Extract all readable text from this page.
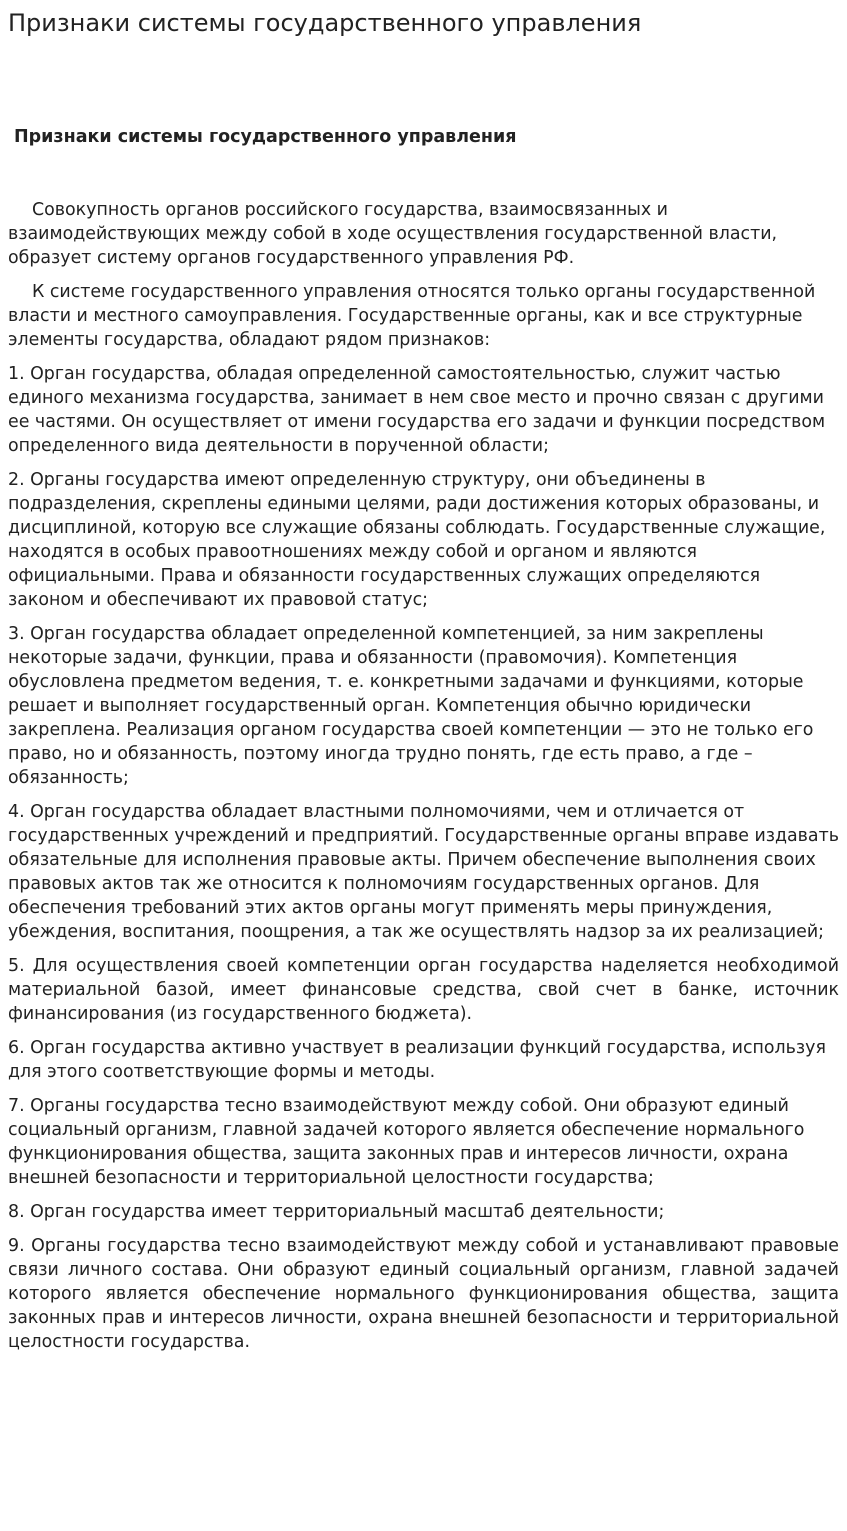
Признаки системы государственного управления
Признаки системы государственного управления

Совокупность органов российского государства, взаимосвязанных и взаимодействующих между собой в ходе осуществления государственной власти, образует систему органов государственного управления РФ.

К системе государственного управления относятся только органы государственной власти и местного самоуправления. Государственные органы, как и все структурные элементы государства, обладают рядом признаков:

1. Орган государства, обладая определенной самостоятельностью, служит частью единого механизма государства, занимает в нем свое место и прочно связан с другими ее частями. Он осуществляет от имени государства его задачи и функции посредством определенного вида деятельности в порученной области;

2. Органы государства имеют определенную структуру, они объединены в подразделения, скреплены едиными целями, ради достижения которых образованы, и дисциплиной, которую все служащие обязаны соблюдать. Государственные служащие, находятся в особых правоотношениях между собой и органом и являются официальными. Права и обязанности государственных служащих определяются законом и обеспечивают их правовой статус;

3. Орган государства обладает определенной компетенцией, за ним закреплены некоторые задачи, функции, права и обязанности (правомочия). Компетенция обусловлена предметом ведения, т. е. конкретными задачами и функциями, которые решает и выполняет государственный орган. Компетенция обычно юридически закреплена. Реализация органом государства своей компетенции — это не только его право, но и обязанность, поэтому иногда трудно понять, где есть право, а где – обязанность;

4. Орган государства обладает властными полномочиями, чем и отличается от государственных учреждений и предприятий. Государственные органы вправе издавать обязательные для исполнения правовые акты. Причем обеспечение выполнения своих правовых актов так же относится к полномочиям государственных органов. Для обеспечения требований этих актов органы могут применять меры принуждения, убеждения, воспитания, поощрения, а так же осуществлять надзор за их реализацией;

5. Для осуществления своей компетенции орган государства наделяется необходимой материальной базой, имеет финансовые средства, свой счет в банке, источник финансирования (из государственного бюджета).

6. Орган государства активно участвует в реализации функций государства, используя для этого соответствующие формы и методы.

7. Органы государства тесно взаимодействуют между собой. Они образуют единый социальный организм, главной задачей которого является обеспечение нормального функционирования общества, защита законных прав и интересов личности, охрана внешней безопасности и территориальной целостности государства;

8. Орган государства имеет территориальный масштаб деятельности;

9. Органы государства тесно взаимодействуют между собой и устанавливают правовые связи личного состава. Они образуют единый социальный организм, главной задачей которого является обеспечение нормального функционирования общества, защита законных прав и интересов личности, охрана внешней безопасности и территориальной целостности государства.
